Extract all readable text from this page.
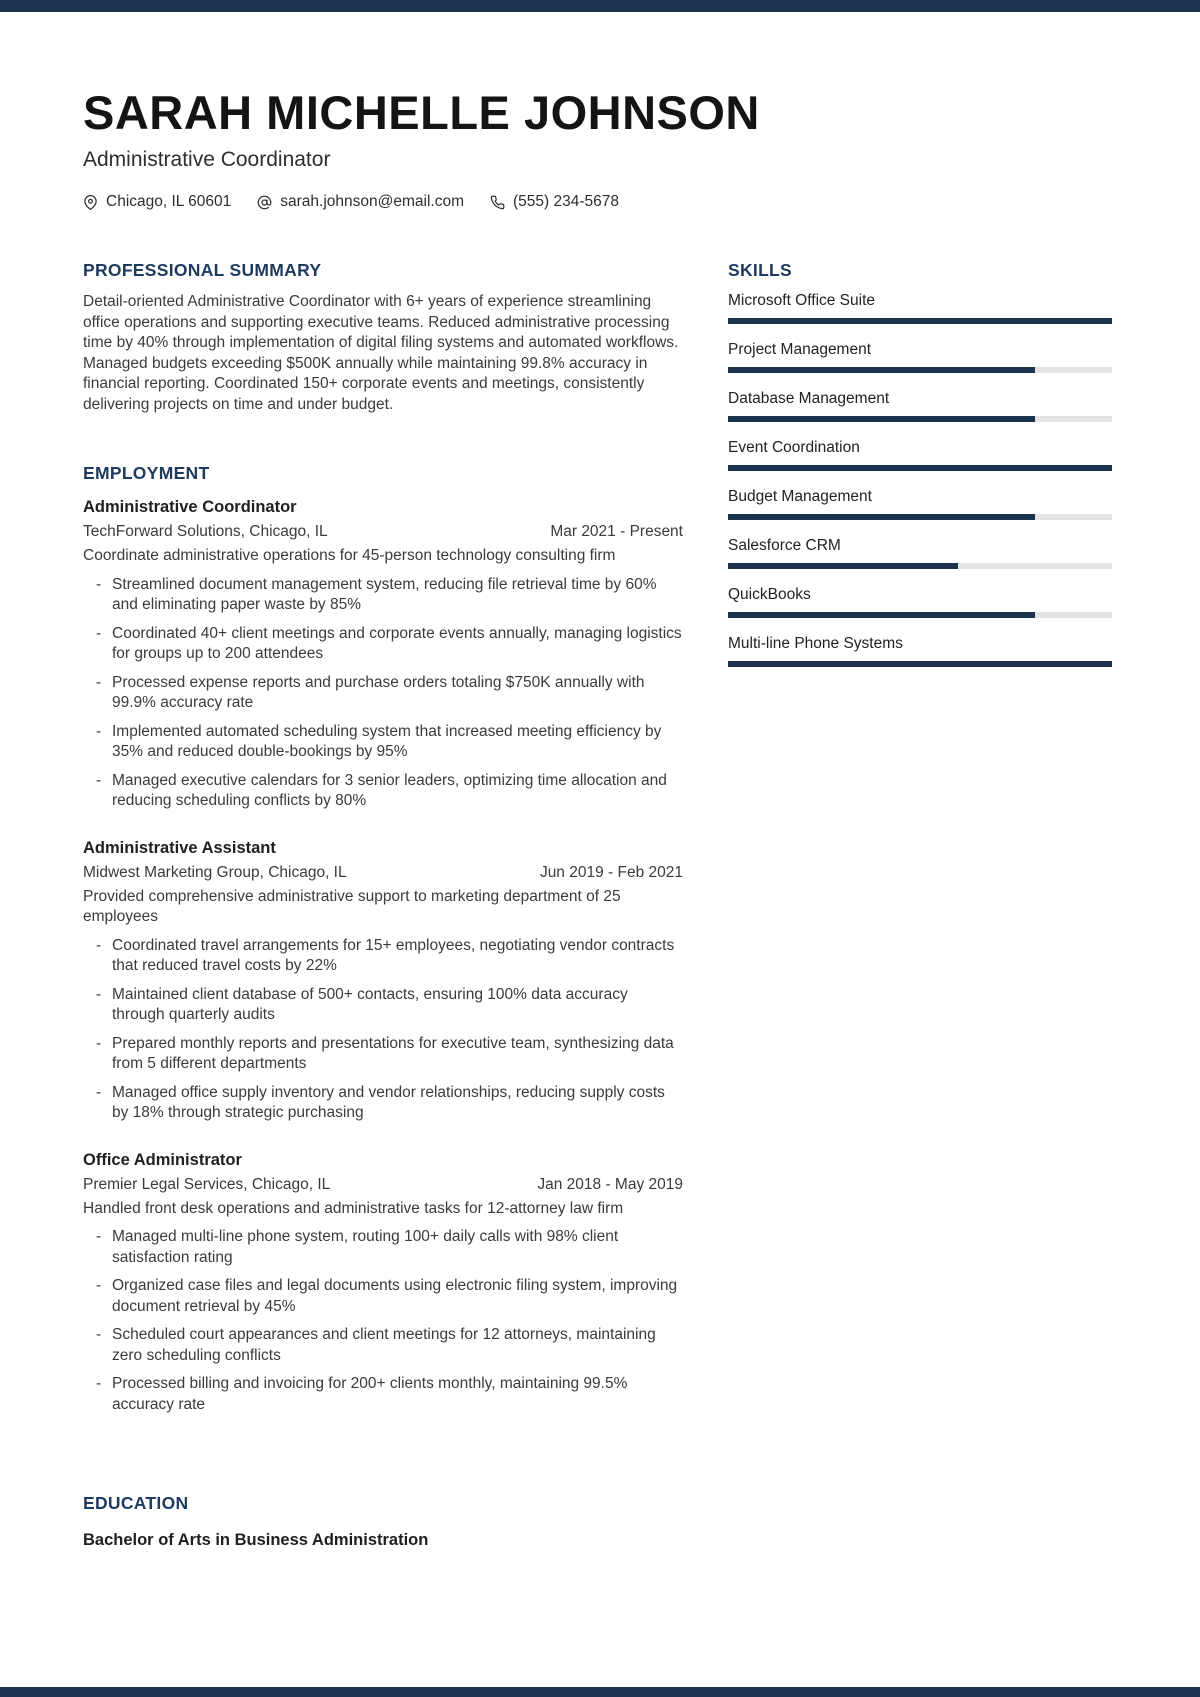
SARAH MICHELLE JOHNSON
Administrative Coordinator
Chicago, IL 60601	sarah.johnson@email.com	(555) 234-5678
PROFESSIONAL SUMMARY
Detail-oriented Administrative Coordinator with 6+ years of experience streamlining office operations and supporting executive teams. Reduced administrative processing time by 40% through implementation of digital filing systems and automated workflows. Managed budgets exceeding $500K annually while maintaining 99.8% accuracy in financial reporting. Coordinated 150+ corporate events and meetings, consistently delivering projects on time and under budget.
EMPLOYMENT
Administrative Coordinator
TechForward Solutions, Chicago, IL	Mar 2021 - Present
Coordinate administrative operations for 45-person technology consulting firm
- Streamlined document management system, reducing file retrieval time by 60% and eliminating paper waste by 85%
- Coordinated 40+ client meetings and corporate events annually, managing logistics for groups up to 200 attendees
- Processed expense reports and purchase orders totaling $750K annually with 99.9% accuracy rate
- Implemented automated scheduling system that increased meeting efficiency by 35% and reduced double-bookings by 95%
- Managed executive calendars for 3 senior leaders, optimizing time allocation and reducing scheduling conflicts by 80%
Administrative Assistant
Midwest Marketing Group, Chicago, IL	Jun 2019 - Feb 2021
Provided comprehensive administrative support to marketing department of 25 employees
- Coordinated travel arrangements for 15+ employees, negotiating vendor contracts that reduced travel costs by 22%
- Maintained client database of 500+ contacts, ensuring 100% data accuracy through quarterly audits
- Prepared monthly reports and presentations for executive team, synthesizing data from 5 different departments
- Managed office supply inventory and vendor relationships, reducing supply costs by 18% through strategic purchasing
Office Administrator
Premier Legal Services, Chicago, IL	Jan 2018 - May 2019
Handled front desk operations and administrative tasks for 12-attorney law firm
- Managed multi-line phone system, routing 100+ daily calls with 98% client satisfaction rating
- Organized case files and legal documents using electronic filing system, improving document retrieval by 45%
- Scheduled court appearances and client meetings for 12 attorneys, maintaining zero scheduling conflicts
- Processed billing and invoicing for 200+ clients monthly, maintaining 99.5% accuracy rate
EDUCATION
Bachelor of Arts in Business Administration
SKILLS
Microsoft Office Suite
Project Management
Database Management
Event Coordination
Budget Management
Salesforce CRM
QuickBooks
Multi-line Phone Systems
